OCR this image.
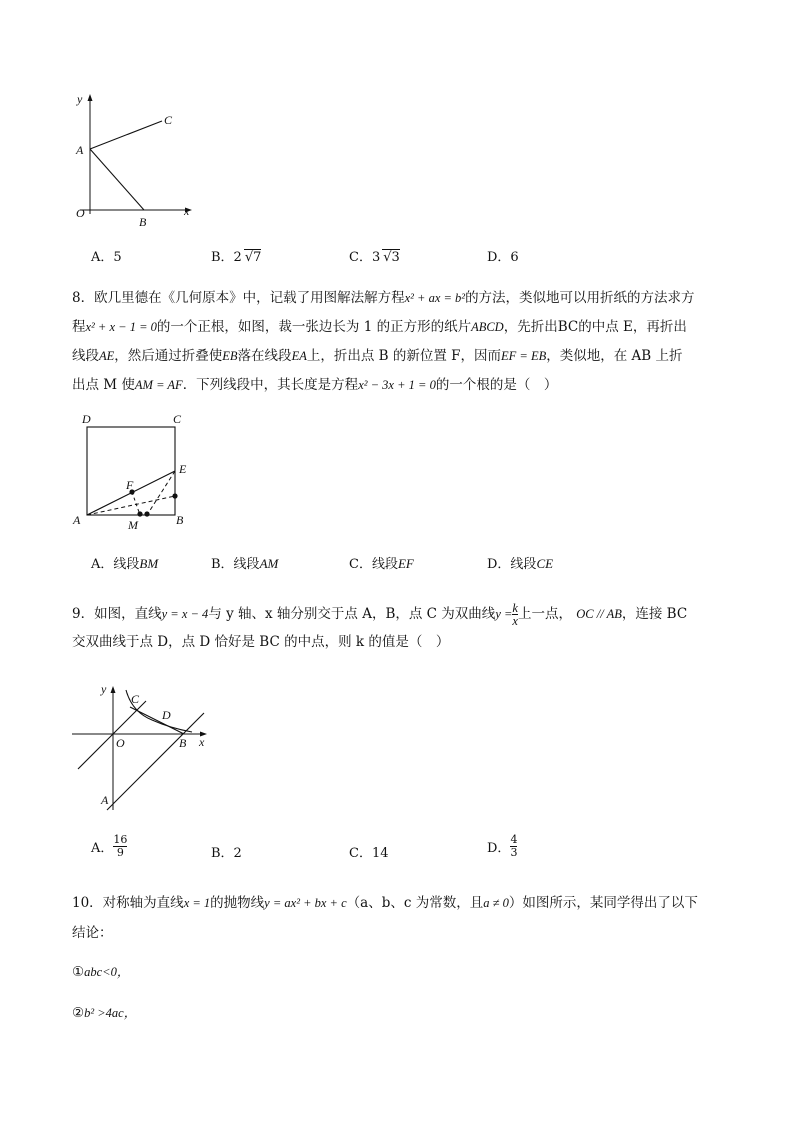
y
x
O
A
B
C
A．5	B．2 √7	C．3 √3	D．6
8．欧几里德在《几何原本》中，记载了用图解法解方程x² + ax = b²的方法，类似地可以用折纸的方法求方
程x² + x − 1 = 0的一个正根，如图，裁一张边长为 1 的正方形的纸片ABCD，先折出BC的中点 E，再折出
线段AE，然后通过折叠使EB落在线段EA上，折出点 B 的新位置 F，因而EF = EB，类似地，在 AB 上折
出点 M 使AM = AF．下列线段中，其长度是方程x² − 3x + 1 = 0的一个根的是（　）
D	C
E
F
A	M	B
A．线段BM	B．线段AM	C．线段EF	D．线段CE
9．如图，直线y = x − 4与 y 轴、x 轴分别交于点 A，B，点 C 为双曲线$y = \frac{k}{x}$ 上一点， OC // AB，连接 BC
交双曲线于点 D，点 D 恰好是 BC 的中点，则 k 的值是（　）
y
x
O
C
D
B
A
A． $\frac{16}{9}$	B．2	C．14	D． $\frac{4}{3}$
10．对称轴为直线x = 1的抛物线y = ax² + bx + c（a、b、c 为常数，且a ≠ 0）如图所示，某同学得出了以下
结论：
①abc<0，
②b² >4ac，
